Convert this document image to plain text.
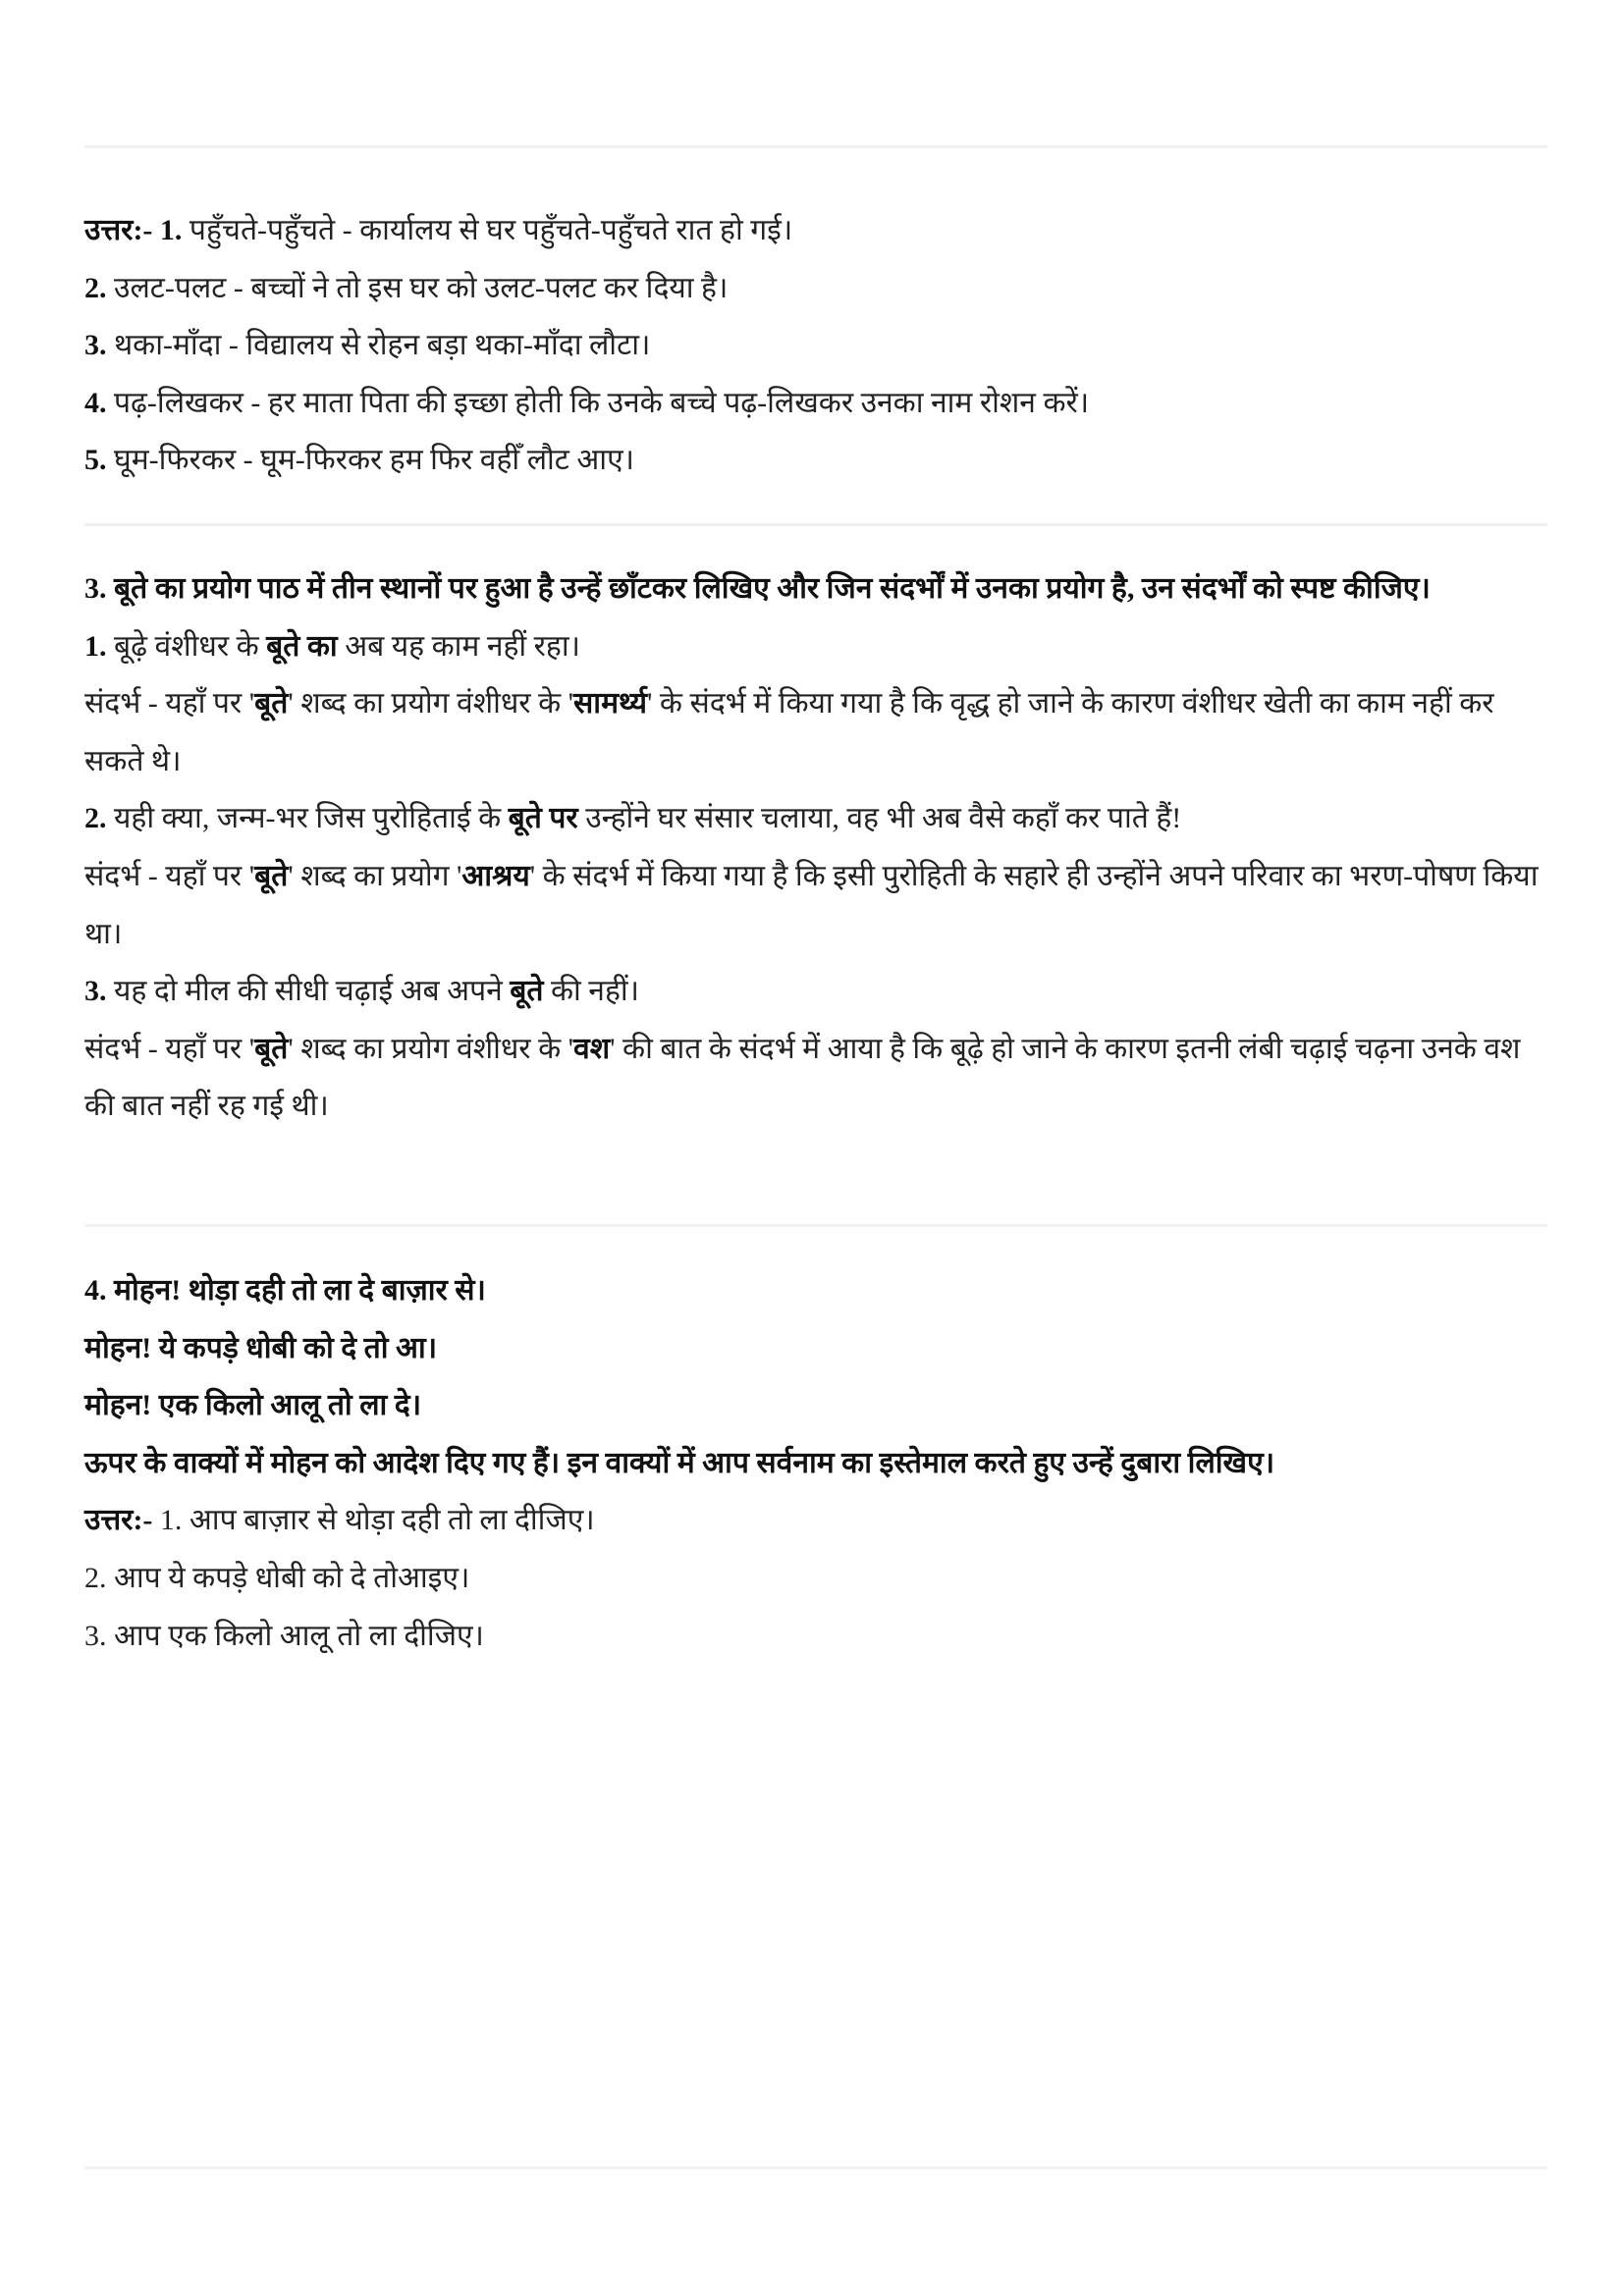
उत्तर:- 1. पहुँचते-पहुँचते - कार्यालय से घर पहुँचते-पहुँचते रात हो गई।

2. उलट-पलट - बच्चों ने तो इस घर को उलट-पलट कर दिया है।

3. थका-माँदा - विद्यालय से रोहन बड़ा थका-माँदा लौटा।

4. पढ़-लिखकर - हर माता पिता की इच्छा होती कि उनके बच्चे पढ़-लिखकर उनका नाम रोशन करें।

5. घूम-फिरकर - घूम-फिरकर हम फिर वहीँ लौट आए।

3. बूते का प्रयोग पाठ में तीन स्थानों पर हुआ है उन्हें छाँटकर लिखिए और जिन संदर्भों में उनका प्रयोग है, उन संदर्भों को स्पष्ट कीजिए।

1. बूढ़े वंशीधर के बूते का अब यह काम नहीं रहा।

संदर्भ - यहाँ पर 'बूते' शब्द का प्रयोग वंशीधर के 'सामर्थ्य' के संदर्भ में किया गया है कि वृद्ध हो जाने के कारण वंशीधर खेती का काम नहीं कर सकते थे।

2. यही क्या, जन्म-भर जिस पुरोहिताई के बूते पर उन्होंने घर संसार चलाया, वह भी अब वैसे कहाँ कर पाते हैं!

संदर्भ - यहाँ पर 'बूते' शब्द का प्रयोग 'आश्रय' के संदर्भ में किया गया है कि इसी पुरोहिती के सहारे ही उन्होंने अपने परिवार का भरण-पोषण किया था।

3. यह दो मील की सीधी चढ़ाई अब अपने बूते की नहीं।

संदर्भ - यहाँ पर 'बूते' शब्द का प्रयोग वंशीधर के 'वश' की बात के संदर्भ में आया है कि बूढ़े हो जाने के कारण इतनी लंबी चढ़ाई चढ़ना उनके वश की बात नहीं रह गई थी।

4. मोहन! थोड़ा दही तो ला दे बाज़ार से।

मोहन! ये कपड़े धोबी को दे तो आ।

मोहन! एक किलो आलू तो ला दे।

ऊपर के वाक्यों में मोहन को आदेश दिए गए हैं। इन वाक्यों में आप सर्वनाम का इस्तेमाल करते हुए उन्हें दुबारा लिखिए।

उत्तर:- 1. आप बाज़ार से थोड़ा दही तो ला दीजिए।

2. आप ये कपड़े धोबी को दे तोआइए।

3. आप एक किलो आलू तो ला दीजिए।
